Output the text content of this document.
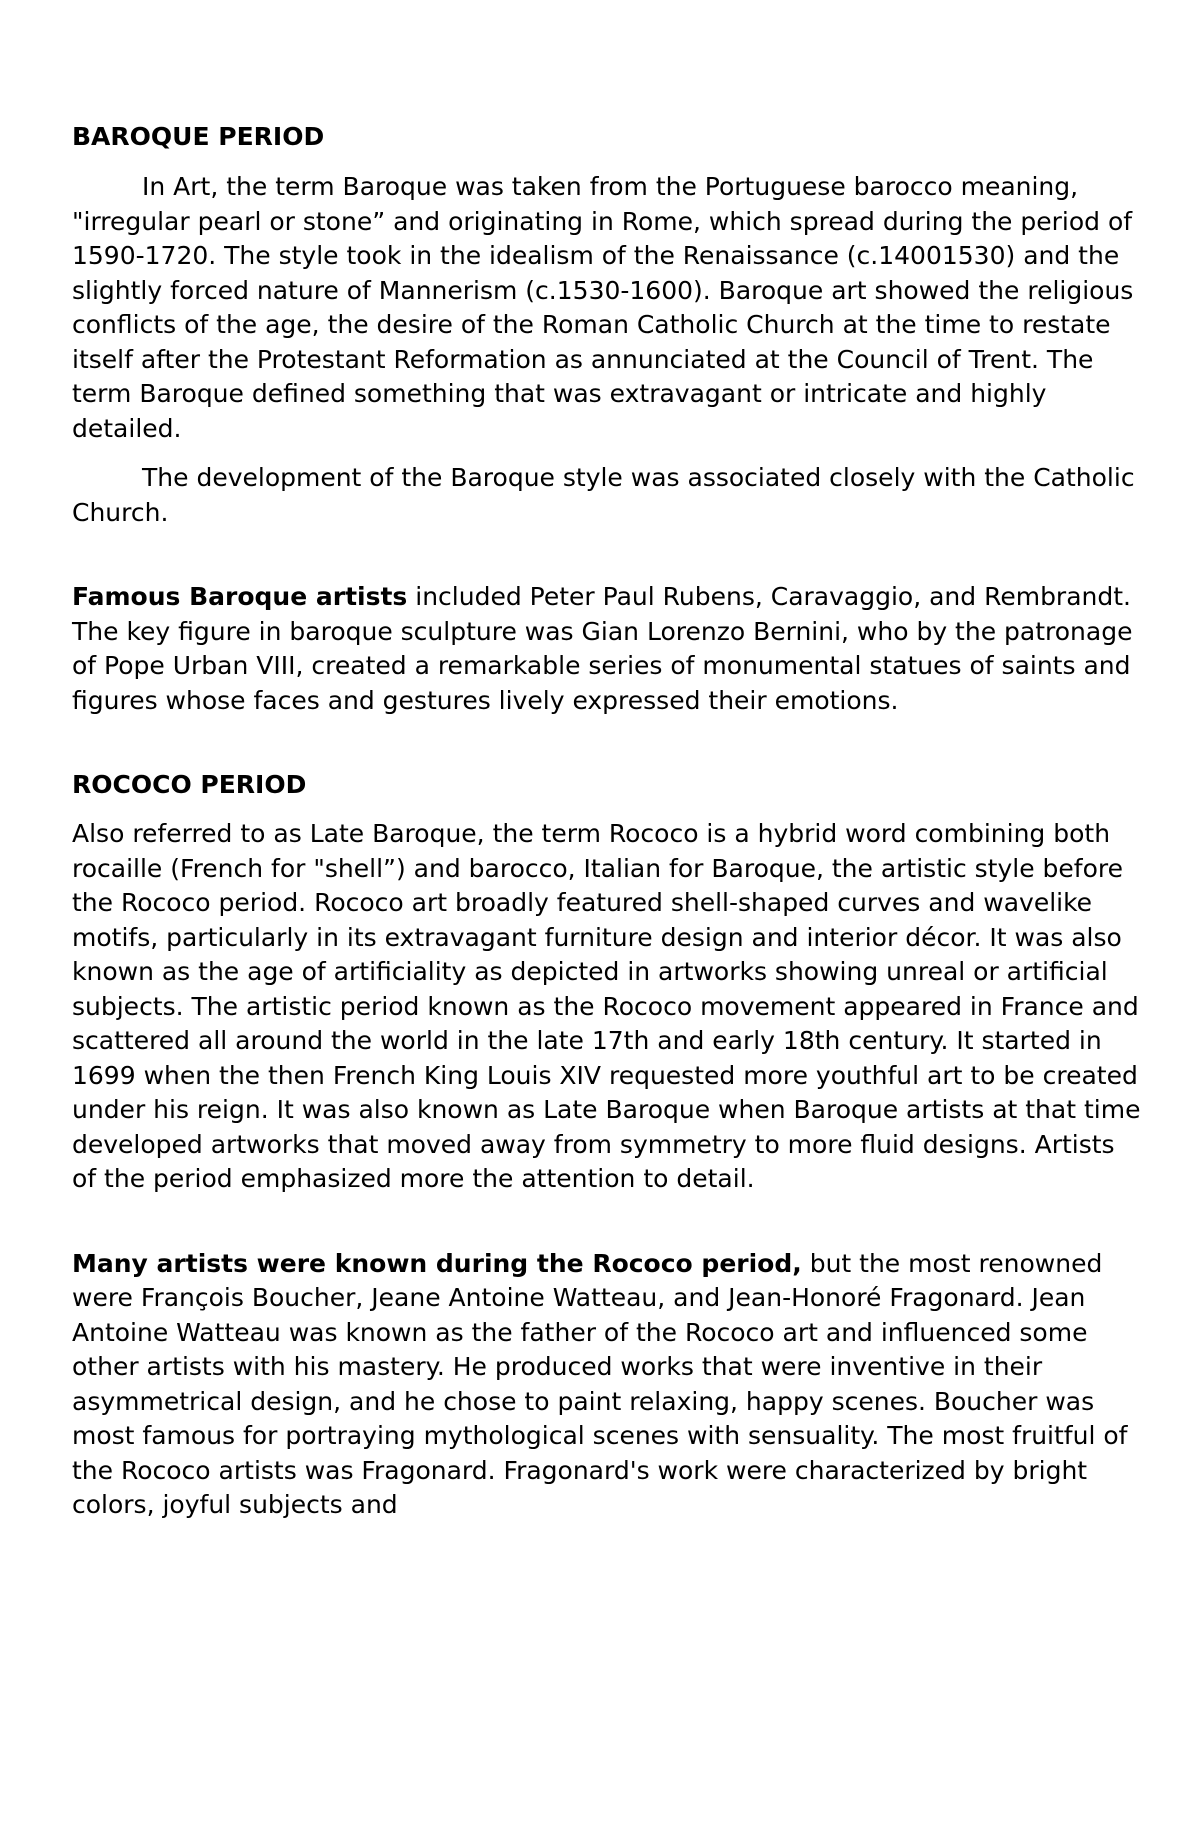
BAROQUE PERIOD

In Art, the term Baroque was taken from the Portuguese barocco meaning, "irregular pearl or stone” and originating in Rome, which spread during the period of 1590-1720. The style took in the idealism of the Renaissance (c.14001530) and the slightly forced nature of Mannerism (c.1530-1600). Baroque art showed the religious conflicts of the age, the desire of the Roman Catholic Church at the time to restate itself after the Protestant Reformation as annunciated at the Council of Trent. The term Baroque defined something that was extravagant or intricate and highly detailed.

The development of the Baroque style was associated closely with the Catholic Church.

Famous Baroque artists included Peter Paul Rubens, Caravaggio, and Rembrandt. The key figure in baroque sculpture was Gian Lorenzo Bernini, who by the patronage of Pope Urban VIII, created a remarkable series of monumental statues of saints and figures whose faces and gestures lively expressed their emotions.

ROCOCO PERIOD

Also referred to as Late Baroque, the term Rococo is a hybrid word combining both rocaille (French for "shell”) and barocco, Italian for Baroque, the artistic style before the Rococo period. Rococo art broadly featured shell-shaped curves and wavelike motifs, particularly in its extravagant furniture design and interior décor. It was also known as the age of artificiality as depicted in artworks showing unreal or artificial subjects. The artistic period known as the Rococo movement appeared in France and scattered all around the world in the late 17th and early 18th century. It started in 1699 when the then French King Louis XIV requested more youthful art to be created under his reign. It was also known as Late Baroque when Baroque artists at that time developed artworks that moved away from symmetry to more fluid designs. Artists of the period emphasized more the attention to detail.

Many artists were known during the Rococo period, but the most renowned were François Boucher, Jeane Antoine Watteau, and Jean-Honoré Fragonard. Jean Antoine Watteau was known as the father of the Rococo art and influenced some other artists with his mastery. He produced works that were inventive in their asymmetrical design, and he chose to paint relaxing, happy scenes. Boucher was most famous for portraying mythological scenes with sensuality. The most fruitful of the Rococo artists was Fragonard. Fragonard's work were characterized by bright colors, joyful subjects and
